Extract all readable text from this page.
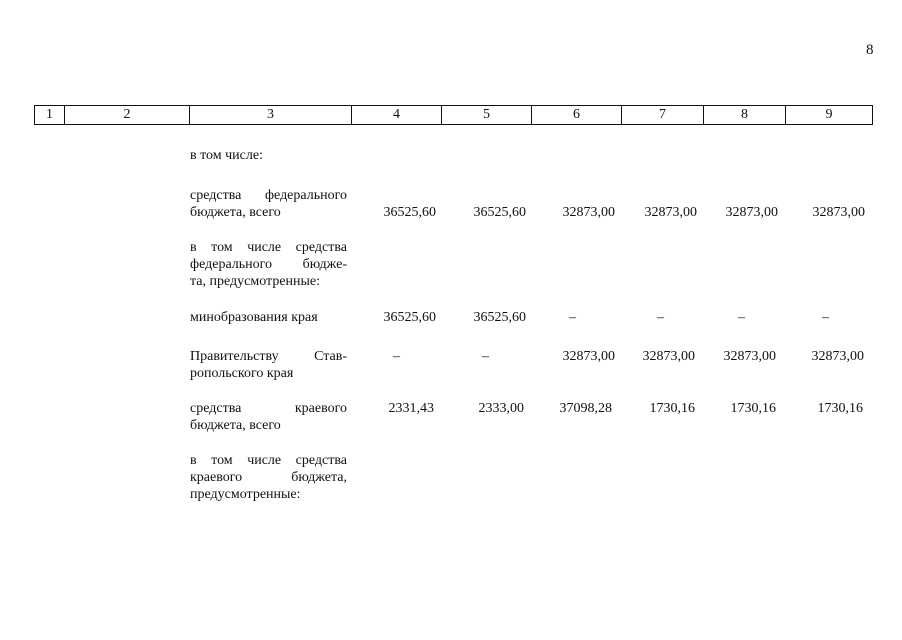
8
1	2	3	4	5	6	7	8	9
в том числе:
средства федерального
бюджета, всего	36525,60	36525,60	32873,00 32873,00 32873,00 32873,00
в том числе средства
федерального бюдже-
та, предусмотренные:
минобразования края	36525,60	36525,60	–	–	–	–
Правительству Став-
ропольского края
–	–	32873,00 32873,00 32873,00	32873,00
средства краевого
бюджета, всего
2331,43	2333,00	37098,28	1730,16	1730,16	1730,16
в том числе средства
краевого бюджета,
предусмотренные:
